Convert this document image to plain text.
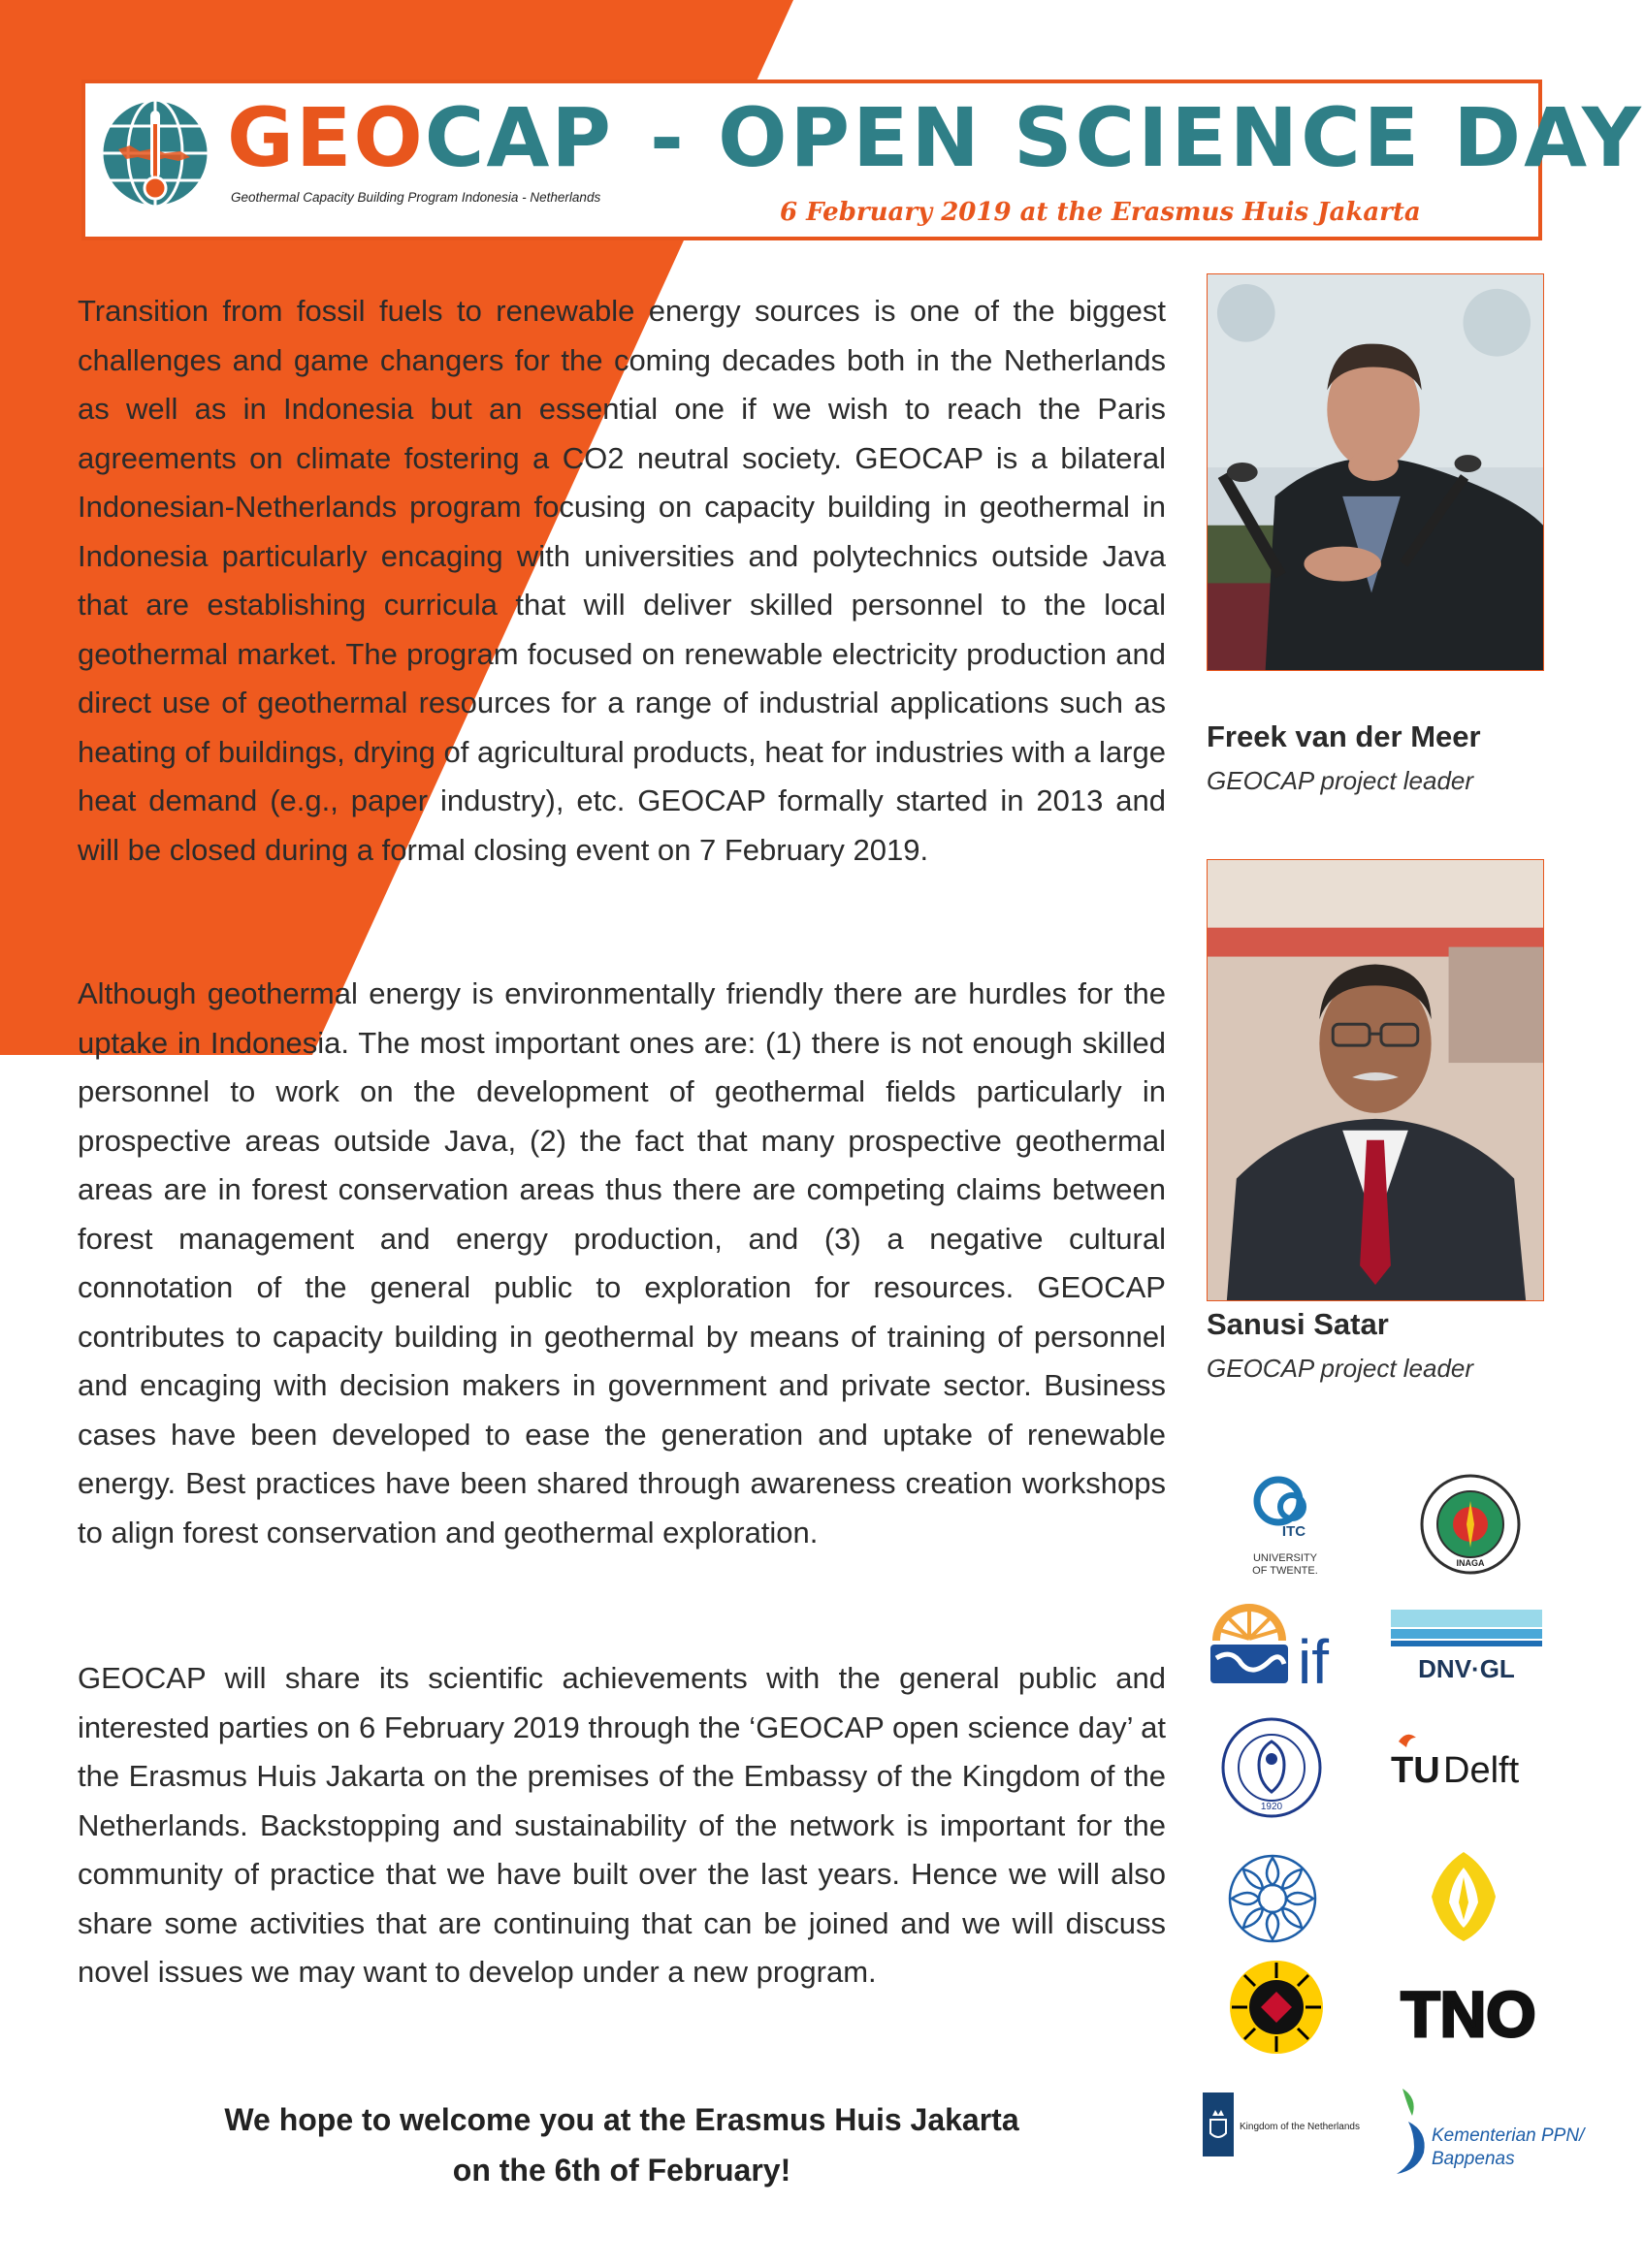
GEOCAP
Geothermal Capacity Building Program Indonesia - Netherlands
- OPEN SCIENCE DAY
6 February 2019 at the Erasmus Huis Jakarta

Transition from fossil fuels to renewable energy sources is one of the biggest challenges and game changers for the coming decades both in the Netherlands as well as in Indonesia but an essential one if we wish to reach the Paris agreements on climate fostering a CO2 neutral society. GEOCAP is a bilateral Indonesian-Netherlands program focusing on capacity building in geothermal in Indonesia particularly encaging with universities and polytechnics outside Java that are establishing curricula that will deliver skilled personnel to the local geothermal market. The program focused on renewable electricity production and direct use of geothermal resources for a range of industrial applications such as heating of buildings, drying of agricultural products, heat for industries with a large heat demand (e.g., paper industry), etc. GEOCAP formally started in 2013 and will be closed during a formal closing event on 7 February 2019.

Although geothermal energy is environmentally friendly there are hurdles for the uptake in Indonesia. The most important ones are: (1) there is not enough skilled personnel to work on the development of geothermal fields particularly in prospective areas outside Java, (2) the fact that many prospective geothermal areas are in forest conservation areas thus there are competing claims between forest management and energy production, and (3) a negative cultural connotation of the general public to exploration for resources. GEOCAP contributes to capacity building in geothermal by means of training of personnel and encaging with decision makers in government and private sector. Business cases have been developed to ease the generation and uptake of renewable energy. Best practices have been shared through awareness creation workshops to align forest conservation and geothermal exploration.

GEOCAP will share its scientific achievements with the general public and interested parties on 6 February 2019 through the ‘GEOCAP open science day’ at the Erasmus Huis Jakarta on the premises of the Embassy of the Kingdom of the Netherlands. Backstopping and sustainability of the network is important for the community of practice that we have built over the last years. Hence we will also share some activities that are continuing that can be joined and we will discuss novel issues we may want to develop under a new program.

We hope to welcome you at the Erasmus Huis Jakarta
on the 6th of February!
Freek van der Meer
GEOCAP project leader
Sanusi Satar
GEOCAP project leader
ITC
UNIVERSITY
OF TWENTE.
INAGA
if	DNV·GL
1920
TU Delft
TNO
Kingdom of the Netherlands	Kementerian PPN/
Bappenas
